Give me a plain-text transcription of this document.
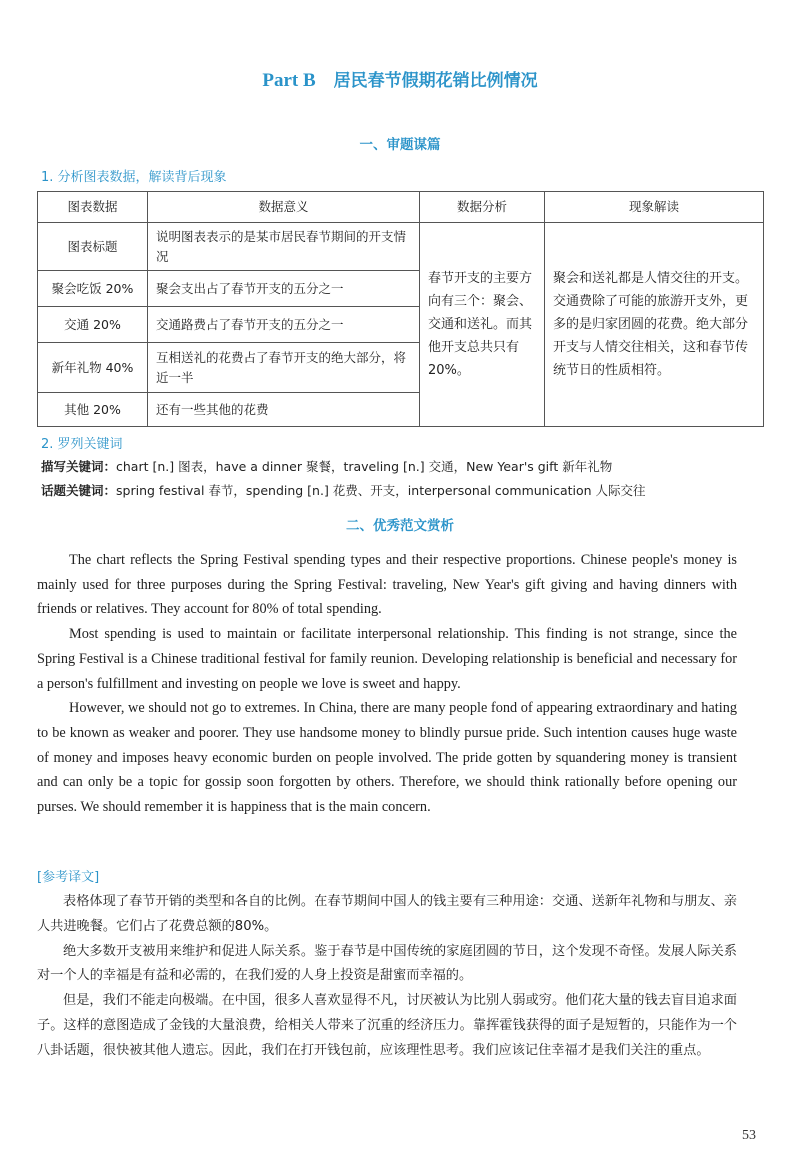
Part B 居民春节假期花销比例情况
一、审题谋篇
1. 分析图表数据，解读背后现象
图表数据	数据意义	数据分析	现象解读
图表标题	说明图表表示的是某市居民春节期间的开支情况	春节开支的主要方向有三个：聚会、交通和送礼。而其他开支总共只有20%。	聚会和送礼都是人情交往的开支。交通费除了可能的旅游开支外，更多的是归家团圆的花费。绝大部分开支与人情交往相关，这和春节传统节日的性质相符。
聚会吃饭 20%	聚会支出占了春节开支的五分之一		
交通 20%	交通路费占了春节开支的五分之一		
新年礼物 40%	互相送礼的花费占了春节开支的绝大部分，将近一半		
其他 20%	还有一些其他的花费		
2. 罗列关键词
描写关键词：chart [n.] 图表，have a dinner 聚餐，traveling [n.] 交通，New Year's gift 新年礼物
话题关键词：spring festival 春节，spending [n.] 花费、开支，interpersonal communication 人际交往
二、优秀范文赏析

The chart reflects the Spring Festival spending types and their respective proportions. Chinese people's money is mainly used for three purposes during the Spring Festival: traveling, New Year's gift giving and having dinners with friends or relatives. They account for 80% of total spending.

Most spending is used to maintain or facilitate interpersonal relationship. This finding is not strange, since the Spring Festival is a Chinese traditional festival for family reunion. Developing relationship is beneficial and necessary for a person's fulfillment and investing on people we love is sweet and happy.

However, we should not go to extremes. In China, there are many people fond of appearing extraordinary and hating to be known as weaker and poorer. They use handsome money to blindly pursue pride. Such intention causes huge waste of money and imposes heavy economic burden on people involved. The pride gotten by squandering money is transient and can only be a topic for gossip soon forgotten by others. Therefore, we should think rationally before opening our purses. We should remember it is happiness that is the main concern.

[参考译文]

表格体现了春节开销的类型和各自的比例。在春节期间中国人的钱主要有三种用途：交通、送新年礼物和与朋友、亲人共进晚餐。它们占了花费总额的80%。

绝大多数开支被用来维护和促进人际关系。鉴于春节是中国传统的家庭团圆的节日，这个发现不奇怪。发展人际关系对一个人的幸福是有益和必需的，在我们爱的人身上投资是甜蜜而幸福的。

但是，我们不能走向极端。在中国，很多人喜欢显得不凡，讨厌被认为比别人弱或穷。他们花大量的钱去盲目追求面子。这样的意图造成了金钱的大量浪费，给相关人带来了沉重的经济压力。靠挥霍钱获得的面子是短暂的，只能作为一个八卦话题，很快被其他人遗忘。因此，我们在打开钱包前，应该理性思考。我们应该记住幸福才是我们关注的重点。

53
